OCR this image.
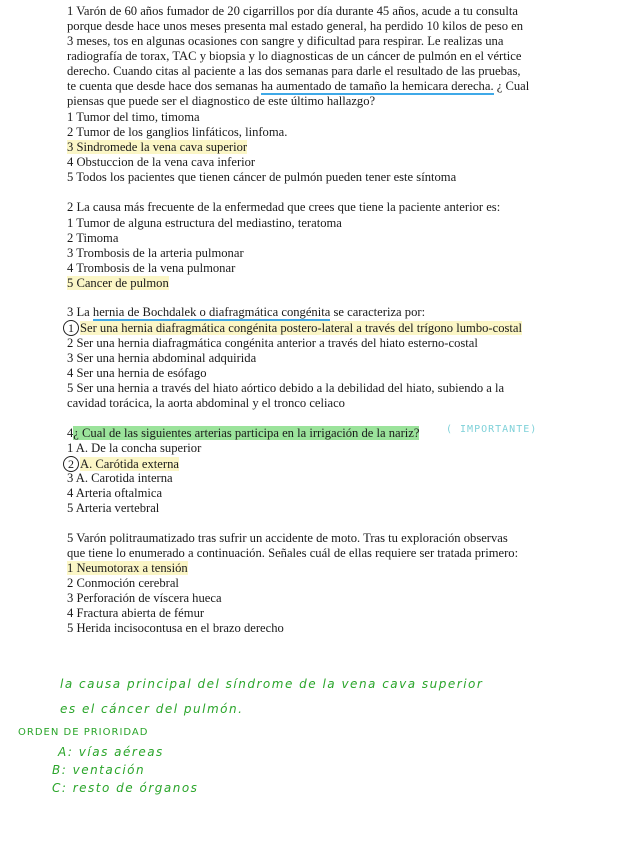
1 Varón de 60 años fumador de 20 cigarrillos por día durante 45 años, acude a tu consulta
porque desde hace unos meses presenta mal estado general, ha perdido 10 kilos de peso en
3 meses, tos en algunas ocasiones con sangre y dificultad para respirar. Le realizas una
radiografía de torax, TAC y biopsia y lo diagnosticas de un cáncer de pulmón en el vértice
derecho. Cuando citas al paciente a las dos semanas para darle el resultado de las pruebas,
te cuenta que desde hace dos semanas ha aumentado de tamaño la hemicara derecha. ¿ Cual
piensas que puede ser el diagnostico de este último hallazgo?
1 Tumor del timo, timoma
2 Tumor de los ganglios linfáticos, linfoma.
3 Sindromede la vena cava superior
4 Obstuccion de la vena cava inferior
5 Todos los pacientes que tienen cáncer de pulmón pueden tener este síntoma
2 La causa más frecuente de la enfermedad que crees que tiene la paciente anterior es:
1 Tumor de alguna estructura del mediastino, teratoma
2 Timoma
3 Trombosis de la arteria pulmonar
4 Trombosis de la vena pulmonar
5 Cancer de pulmon
3 La hernia de Bochdalek o diafragmática congénita se caracteriza por:
1 Ser una hernia diafragmática congénita postero-lateral a través del trígono lumbo-costal
2 Ser una hernia diafragmática congénita anterior a través del hiato esterno-costal
3 Ser una hernia abdominal adquirida
4 Ser una hernia de esófago
5 Ser una hernia a través del hiato aórtico debido a la debilidad del hiato, subiendo a la
cavidad torácica, la aorta abdominal y el tronco celiaco
4¿ Cual de las siguientes arterias participa en la irrigación de la nariz?	( IMPORTANTE)
1 A. De la concha superior
2 A. Carótida externa
3 A. Carotida interna
4 Arteria oftalmica
5 Arteria vertebral
5 Varón politraumatizado tras sufrir un accidente de moto. Tras tu exploración observas
que tiene lo enumerado a continuación. Señales cuál de ellas requiere ser tratada primero:
1 Neumotorax a tensión
2 Conmoción cerebral
3 Perforación de víscera hueca
4 Fractura abierta de fémur
5 Herida incisocontusa en el brazo derecho
la causa principal del síndrome de la vena cava superior
es el cáncer del pulmón.
ORDEN DE PRIORIDAD
A: vías aéreas
B: ventación
C: resto de órganos
